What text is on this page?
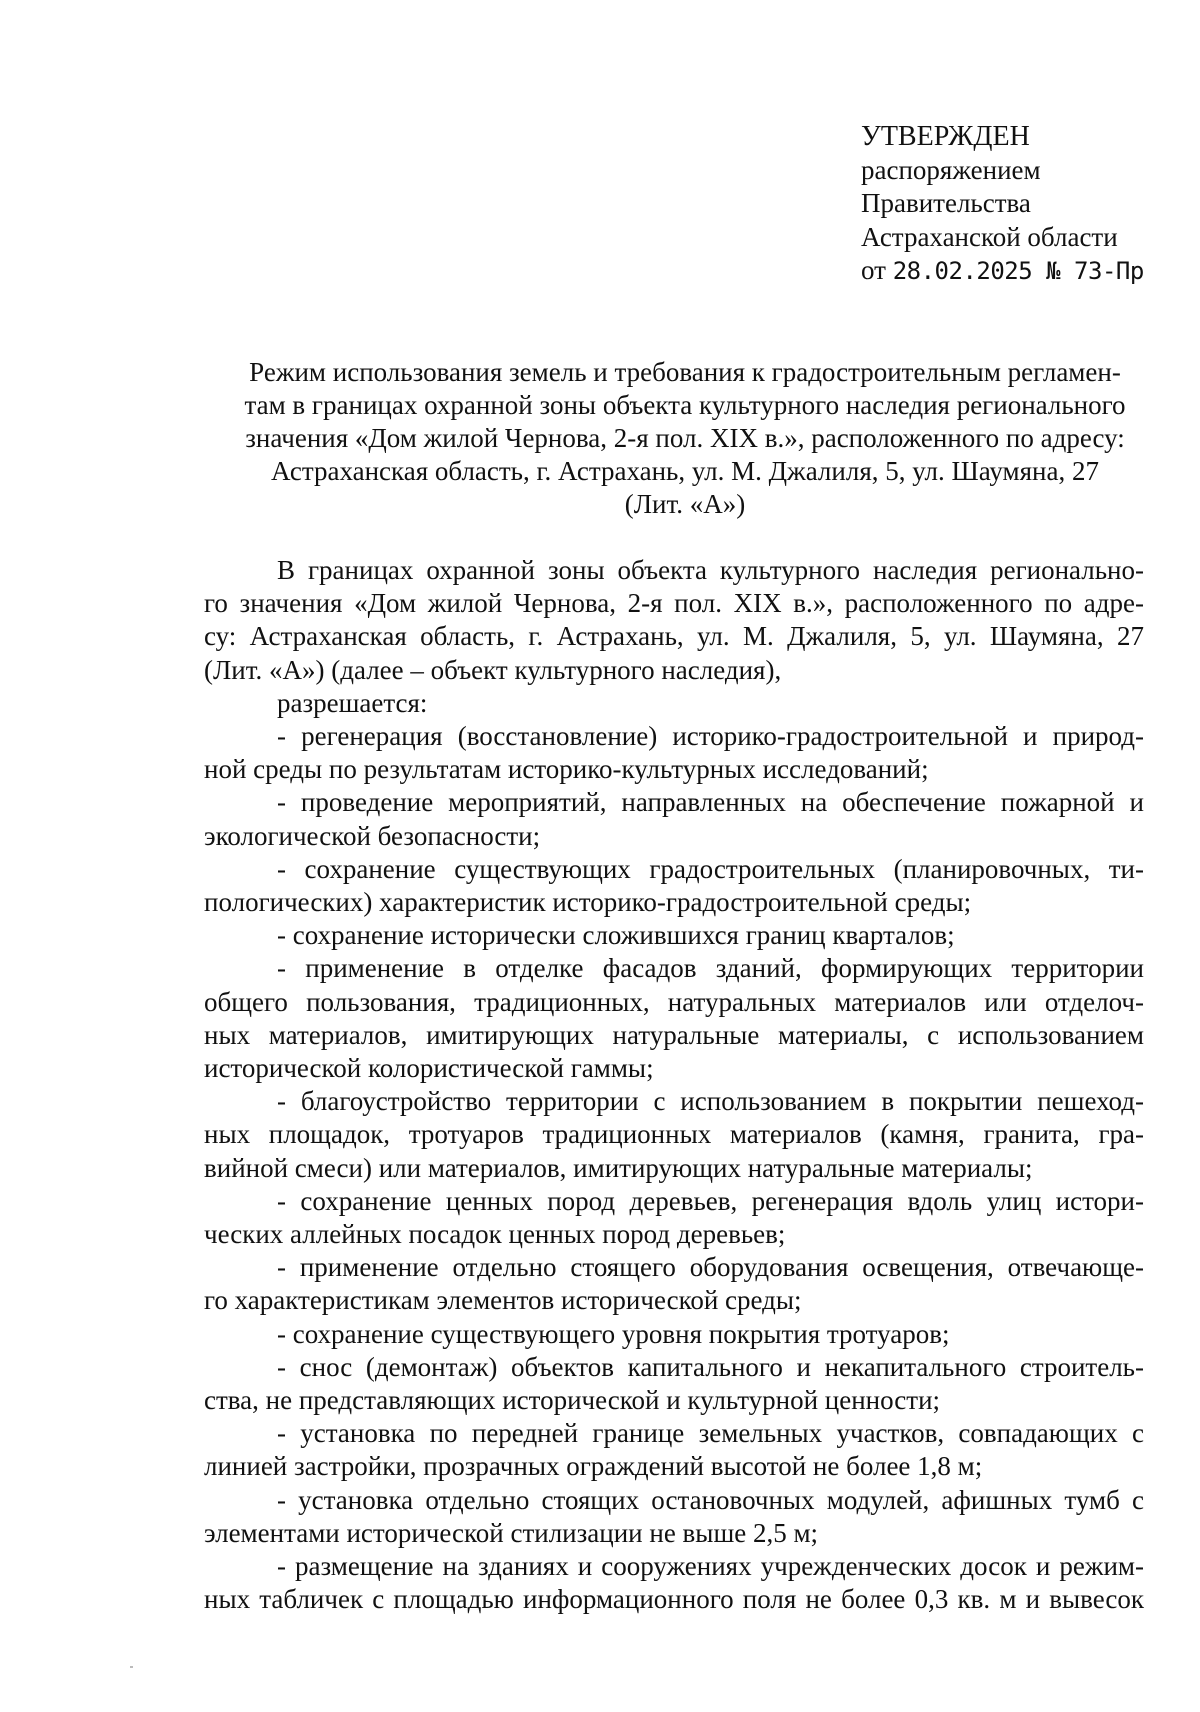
УТВЕРЖДЕН
распоряжением
Правительства
Астраханской области
от 28.02.2025 № 73-Пр
Режим использования земель и требования к градостроительным регламен-
там в границах охранной зоны объекта культурного наследия регионального
значения «Дом жилой Чернова, 2-я пол. XIX в.», расположенного по адресу:
Астраханская область, г. Астрахань, ул. М. Джалиля, 5, ул. Шаумяна, 27
(Лит. «А»)
В границах охранной зоны объекта культурного наследия регионально-
го значения «Дом жилой Чернова, 2-я пол. XIX в.», расположенного по адре-
су: Астраханская область, г. Астрахань, ул. М. Джалиля, 5, ул. Шаумяна, 27
(Лит. «А») (далее – объект культурного наследия),
разрешается:
- регенерация (восстановление) историко-градостроительной и природ-
ной среды по результатам историко-культурных исследований;
- проведение мероприятий, направленных на обеспечение пожарной и
экологической безопасности;
- сохранение существующих градостроительных (планировочных, ти-
пологических) характеристик историко-градостроительной среды;
- сохранение исторически сложившихся границ кварталов;
- применение в отделке фасадов зданий, формирующих территории
общего пользования, традиционных, натуральных материалов или отделоч-
ных материалов, имитирующих натуральные материалы, с использованием
исторической колористической гаммы;
- благоустройство территории с использованием в покрытии пешеход-
ных площадок, тротуаров традиционных материалов (камня, гранита, гра-
вийной смеси) или материалов, имитирующих натуральные материалы;
- сохранение ценных пород деревьев, регенерация вдоль улиц истори-
ческих аллейных посадок ценных пород деревьев;
- применение отдельно стоящего оборудования освещения, отвечающе-
го характеристикам элементов исторической среды;
- сохранение существующего уровня покрытия тротуаров;
- снос (демонтаж) объектов капитального и некапитального строитель-
ства, не представляющих исторической и культурной ценности;
- установка по передней границе земельных участков, совпадающих с
линией застройки, прозрачных ограждений высотой не более 1,8 м;
- установка отдельно стоящих остановочных модулей, афишных тумб с
элементами исторической стилизации не выше 2,5 м;
- размещение на зданиях и сооружениях учрежденческих досок и режим-
ных табличек с площадью информационного поля не более 0,3 кв. м и вывесок
